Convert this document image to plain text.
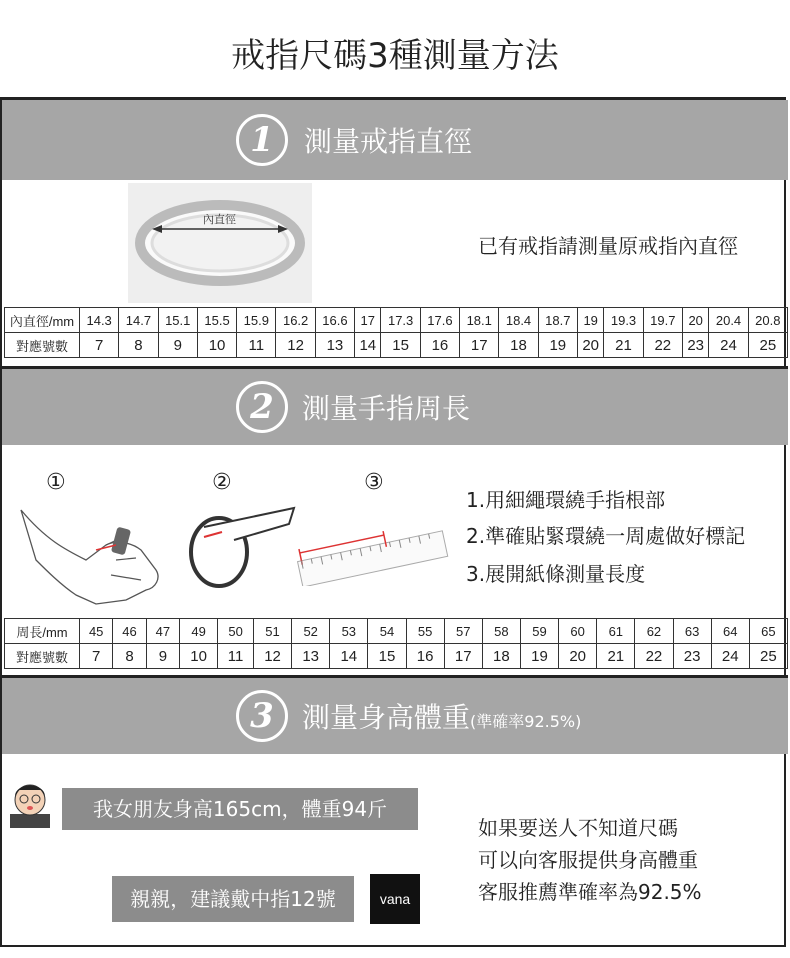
戒指尺碼3種測量方法
1	測量戒指直徑
內直徑
已有戒指請測量原戒指內直徑
內直徑/mm	14.3	14.7	15.1	15.5	15.9	16.2	16.6	17	17.3	17.6	18.1	18.4	18.7	19	19.3	19.7	20	20.4	20.8
對應號數	7	8	9	10	11	12	13	14	15	16	17	18	19	20	21	22	23	24	25
2	測量手指周長
①	②	③
1.用細繩環繞手指根部
2.準確貼緊環繞一周處做好標記
3.展開紙條測量長度
周長/mm	45	46	47	49	50	51	52	53	54	55	57	58	59	60	61	62	63	64	65
對應號數	7	8	9	10	11	12	13	14	15	16	17	18	19	20	21	22	23	24	25
3	測量身高體重(準確率92.5%)
我女朋友身高165cm，體重94斤
親親，建議戴中指12號	vana
如果要送人不知道尺碼
可以向客服提供身高體重
客服推薦準確率為92.5%
